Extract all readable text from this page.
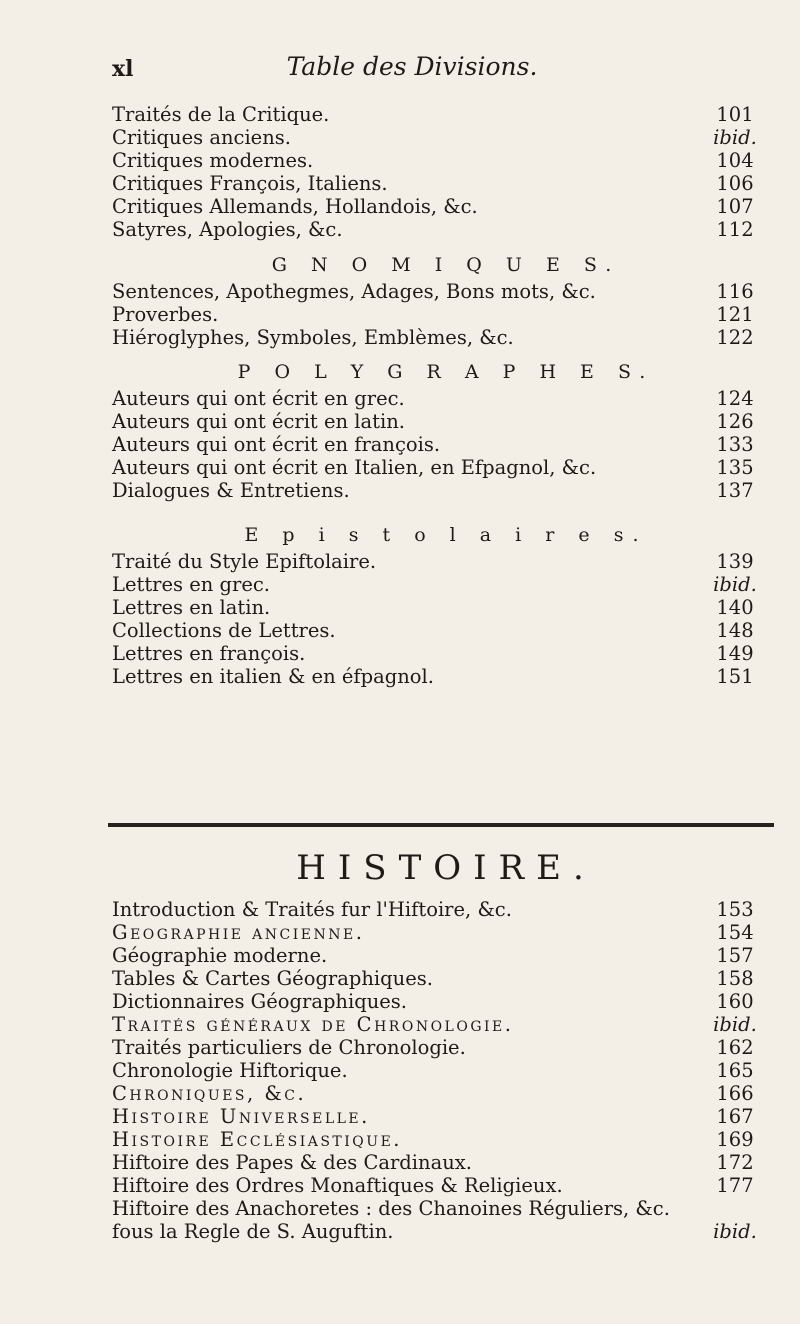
xl	Table des Divisions.
Traités de la Critique.	101
Critiques anciens.	ibid.
Critiques modernes.	104
Critiques François, Italiens.	106
Critiques Allemands, Hollandois, &c.	107
Satyres, Apologies, &c.	112
G N O M I Q U E S.
Sentences, Apothegmes, Adages, Bons mots, &c.	116
Proverbes.	121
Hiéroglyphes, Symboles, Emblèmes, &c.	122
P O L Y G R A P H E S.
Auteurs qui ont écrit en grec.	124
Auteurs qui ont écrit en latin.	126
Auteurs qui ont écrit en françois.	133
Auteurs qui ont écrit en Italien, en Efpagnol, &c.	135
Dialogues & Entretiens.	137
E p i s t o l a i r e s.
Traité du Style Epiftolaire.	139
Lettres en grec.	ibid.
Lettres en latin.	140
Collections de Lettres.	148
Lettres en françois.	149
Lettres en italien & en éfpagnol.	151
HISTOIRE.
Introduction & Traités fur l'Hiftoire, &c.	153
Geographie ancienne.	154
Géographie moderne.	157
Tables & Cartes Géographiques.	158
Dictionnaires Géographiques.	160
Traités généraux de Chronologie.	ibid.
Traités particuliers de Chronologie.	162
Chronologie Hiftorique.	165
Chroniques, &c.	166
Histoire Universelle.	167
Histoire Ecclésiastique.	169
Hiftoire des Papes & des Cardinaux.	172
Hiftoire des Ordres Monaftiques & Religieux.	177
Hiftoire des Anachoretes : des Chanoines Réguliers, &c.
fous la Regle de S. Auguftin.	ibid.
